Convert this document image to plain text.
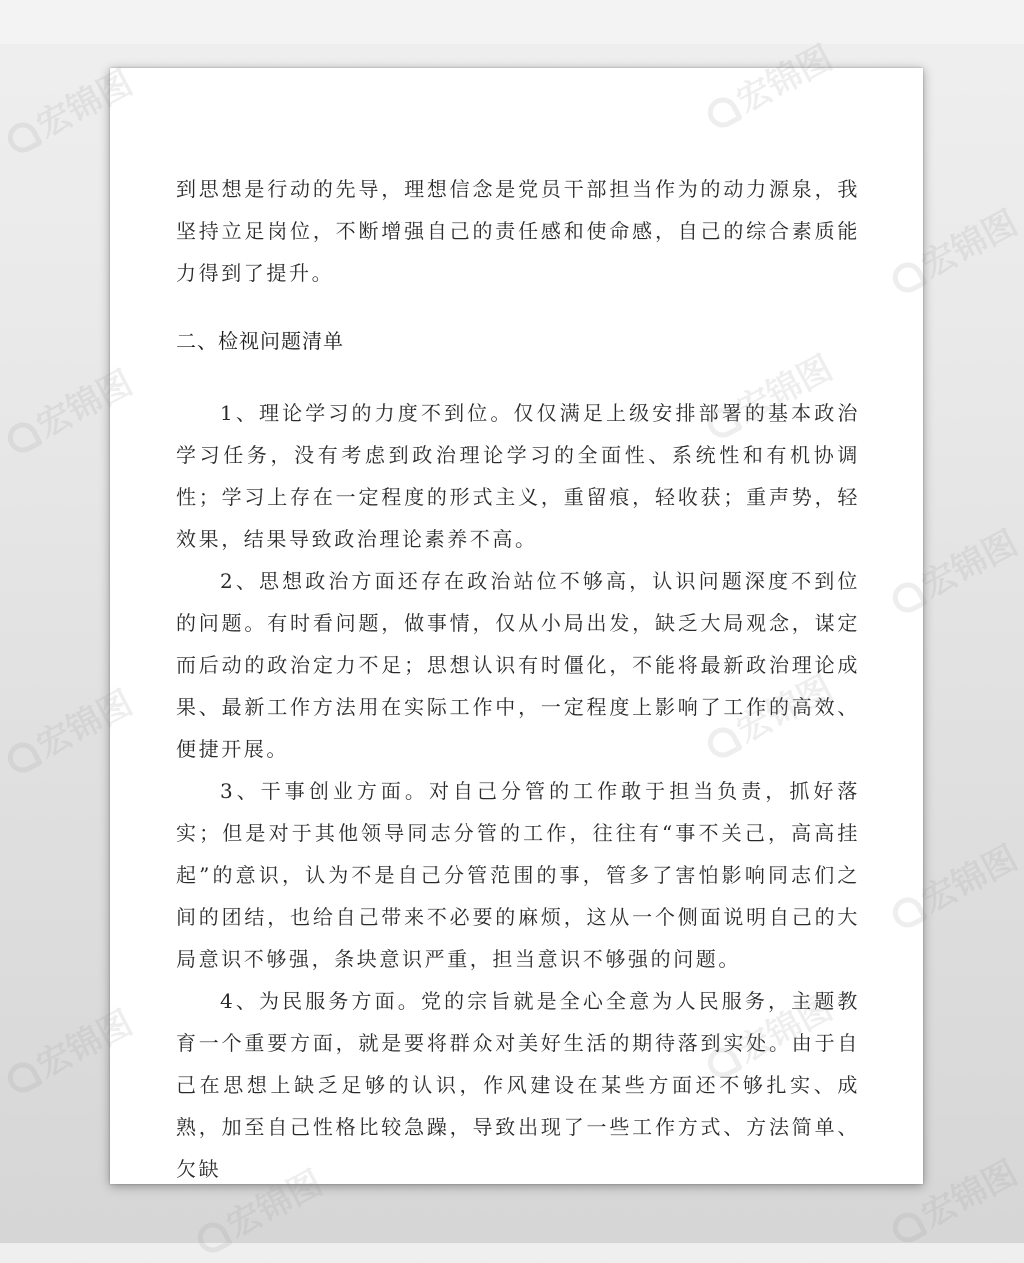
到思想是行动的先导，理想信念是党员干部担当作为的动力源泉，我坚持立足岗位，不断增强自己的责任感和使命感，自己的综合素质能力得到了提升。

二、检视问题清单

1、理论学习的力度不到位。仅仅满足上级安排部署的基本政治学习任务，没有考虑到政治理论学习的全面性、系统性和有机协调性；学习上存在一定程度的形式主义，重留痕，轻收获；重声势，轻效果，结果导致政治理论素养不高。

2、思想政治方面还存在政治站位不够高，认识问题深度不到位的问题。有时看问题，做事情，仅从小局出发，缺乏大局观念，谋定而后动的政治定力不足；思想认识有时僵化，不能将最新政治理论成果、最新工作方法用在实际工作中，一定程度上影响了工作的高效、便捷开展。

3、干事创业方面。对自己分管的工作敢于担当负责，抓好落实；但是对于其他领导同志分管的工作，往往有“事不关己，高高挂起”的意识，认为不是自己分管范围的事，管多了害怕影响同志们之间的团结，也给自己带来不必要的麻烦，这从一个侧面说明自己的大局意识不够强，条块意识严重，担当意识不够强的问题。

4、为民服务方面。党的宗旨就是全心全意为人民服务，主题教育一个重要方面，就是要将群众对美好生活的期待落到实处。由于自己在思想上缺乏足够的认识，作风建设在某些方面还不够扎实、成熟，加至自己性格比较急躁，导致出现了一些工作方式、方法简单、欠缺

宏锦图
宏锦图
宏锦图
宏锦图
宏锦图
宏锦图
宏锦图
宏锦图
宏锦图
